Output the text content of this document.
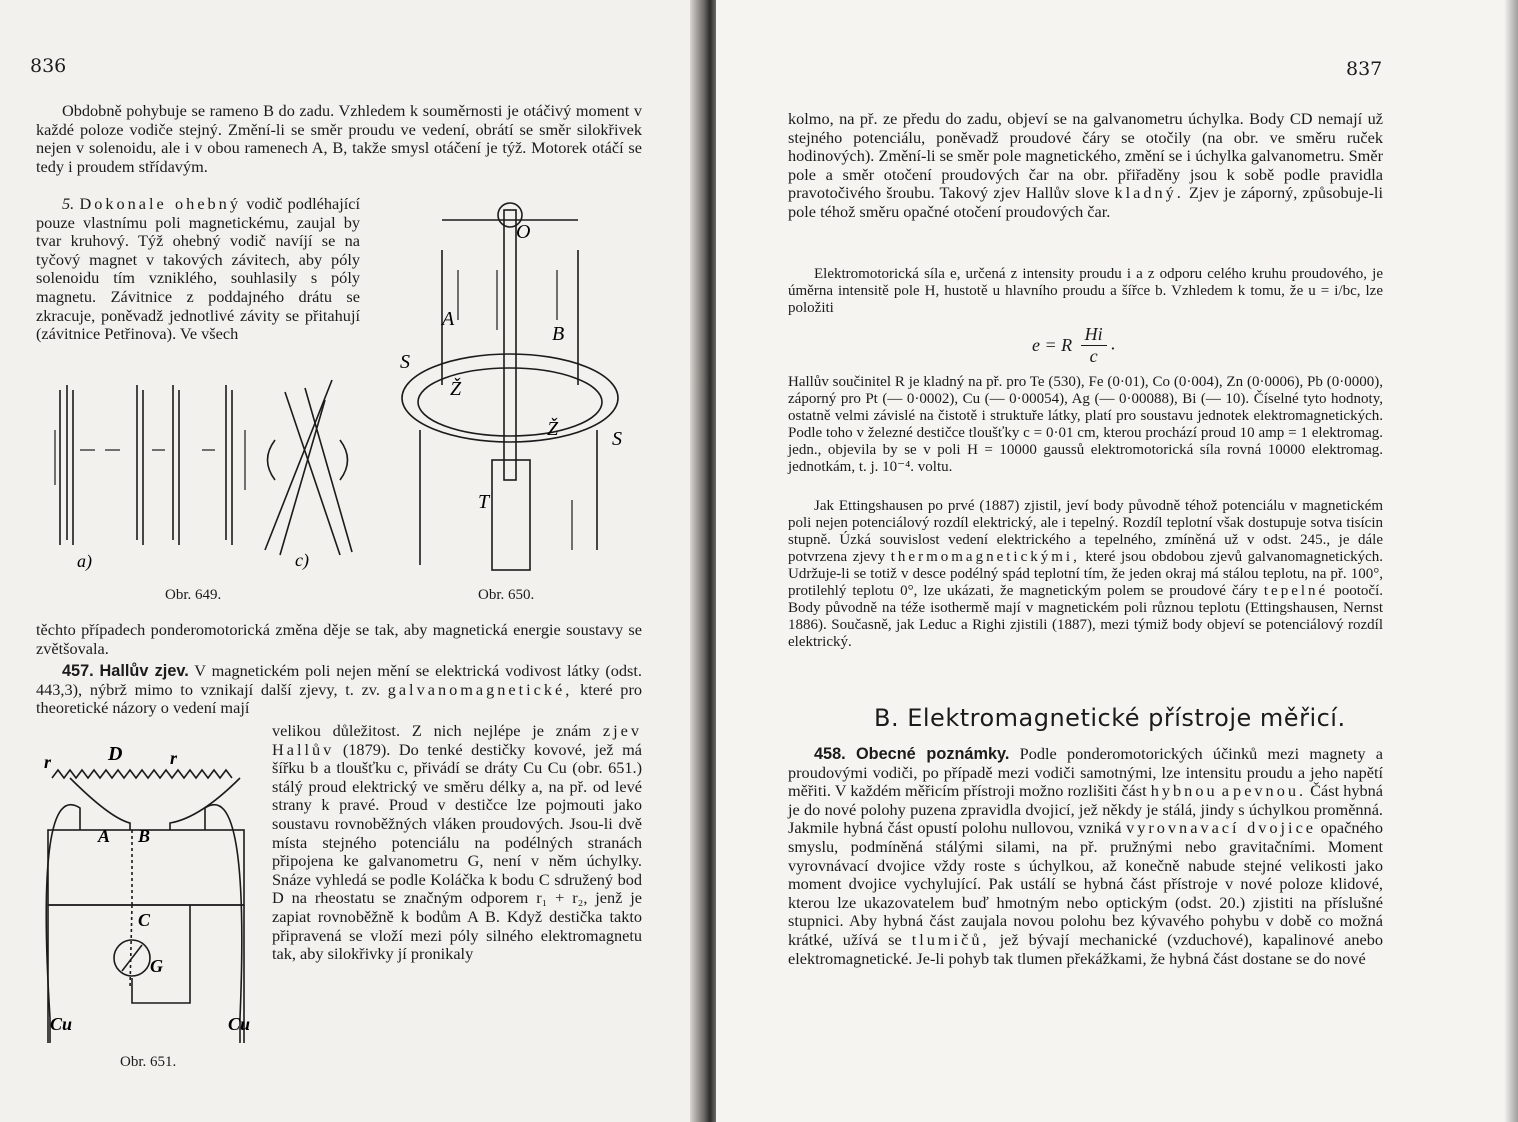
836

Obdobně pohybuje se rameno B do zadu. Vzhledem k souměrnosti je otáčivý moment v každé poloze vodiče stejný. Změní-li se směr proudu ve vedení, obrátí se směr silokřivek nejen v solenoidu, ale i v obou ramenech A, B, takže smysl otáčení je týž. Motorek otáčí se tedy i proudem střídavým.

5. Dokonale ohebný vodič podléhající pouze vlastnímu poli magnetickému, zaujal by tvar kruhový. Týž ohebný vodič navíjí se na tyčový magnet v takových závitech, aby póly solenoidu tím vzniklého, souhlasily s póly magnetu. Závitnice z poddajného drátu se zkracuje, poněvadž jednotlivé závity se přitahují (závitnice Petřinova). Ve všech

a)	c)
O
A
B
S
S
Ž
Ž
T
Obr. 649.	Obr. 650.

těchto případech ponderomotorická změna děje se tak, aby magnetická energie soustavy se zvětšovala.

457. Hallův zjev. V magnetickém poli nejen mění se elektrická vodivost látky (odst. 443,3), nýbrž mimo to vznikají další zjevy, t. zv. galvanomagnetické, které pro theoretické názory o vedení mají

r	D	r
A B
C
G
Cu	Cu
Obr. 651.

velikou důležitost. Z nich nejlépe je znám zjev Hallův (1879). Do tenké destičky kovové, jež má šířku b a tloušťku c, přivádí se dráty Cu Cu (obr. 651.) stálý proud elektrický ve směru délky a, na př. od levé strany k pravé. Proud v destičce lze pojmouti jako soustavu rovnoběžných vláken proudových. Jsou-li dvě místa stejného potenciálu na podélných stranách připojena ke galvanometru G, není v něm úchylky. Snáze vyhledá se podle Koláčka k bodu C sdružený bod D na rheostatu se značným odporem r₁ + r₂, jenž je zapiat rovnoběžně k bodům A B. Když destička takto připravená se vloží mezi póly silného elektromagnetu tak, aby silokřivky jí pronikaly

837

kolmo, na př. ze předu do zadu, objeví se na galvanometru úchylka. Body CD nemají už stejného potenciálu, poněvadž proudové čáry se otočily (na obr. ve směru ruček hodinových). Změní-li se směr pole magnetického, změní se i úchylka galvanometru. Směr pole a směr otočení proudových čar na obr. přiřaděny jsou k sobě podle pravidla pravotočivého šroubu. Takový zjev Hallův slove kladný. Zjev je záporný, způsobuje-li pole téhož směru opačné otočení proudových čar.

Elektromotorická síla e, určená z intensity proudu i a z odporu celého kruhu proudového, je úměrna intensitě pole H, hustotě u hlavního proudu a šířce b. Vzhledem k tomu, že u = i/bc, lze položiti

e = R $\frac{Hi}{c}$ .

Hallův součinitel R je kladný na př. pro Te (530), Fe (0·01), Co (0·004), Zn (0·0006), Pb (0·0000), záporný pro Pt (— 0·0002), Cu (— 0·00054), Ag (— 0·00088), Bi (— 10). Číselné tyto hodnoty, ostatně velmi závislé na čistotě i struktuře látky, platí pro soustavu jednotek elektromagnetických. Podle toho v železné destičce tloušťky c = 0·01 cm, kterou prochází proud 10 amp = 1 elektromag. jedn., objevila by se v poli H = 10000 gaussů elektromotorická síla rovná 10000 elektromag. jednotkám, t. j. 10⁻⁴. voltu.

Jak Ettingshausen po prvé (1887) zjistil, jeví body původně téhož potenciálu v magnetickém poli nejen potenciálový rozdíl elektrický, ale i tepelný. Rozdíl teplotní však dostupuje sotva tisícin stupně. Úzká souvislost vedení elektrického a tepelného, zmíněná už v odst. 245., je dále potvrzena zjevy thermomagnetickými, které jsou obdobou zjevů galvanomagnetických. Udržuje-li se totiž v desce podélný spád teplotní tím, že jeden okraj má stálou teplotu, na př. 100°, protilehlý teplotu 0°, lze ukázati, že magnetickým polem se proudové čáry tepelné pootočí. Body původně na téže isothermě mají v magnetickém poli různou teplotu (Ettingshausen, Nernst 1886). Současně, jak Leduc a Righi zjistili (1887), mezi týmiž body objeví se potenciálový rozdíl elektrický.

B. Elektromagnetické přístroje měřicí.

458. Obecné poznámky. Podle ponderomotorických účinků mezi magnety a proudovými vodiči, po případě mezi vodiči samotnými, lze intensitu proudu a jeho napětí měřiti. V každém měřicím přístroji možno rozlišiti část hybnou a pevnou. Část hybná je do nové polohy puzena zpravidla dvojicí, jež někdy je stálá, jindy s úchylkou proměnná. Jakmile hybná část opustí polohu nullovou, vzniká vyrovnavací dvojice opačného smyslu, podmíněná stálými silami, na př. pružnými nebo gravitačními. Moment vyrovnávací dvojice vždy roste s úchylkou, až konečně nabude stejné velikosti jako moment dvojice vychylující. Pak ustálí se hybná část přístroje v nové poloze klidové, kterou lze ukazovatelem buď hmotným nebo optickým (odst. 20.) zjistiti na příslušné stupnici. Aby hybná část zaujala novou polohu bez kývavého pohybu v době co možná krátké, užívá se tlumičů, jež bývají mechanické (vzduchové), kapalinové anebo elektromagnetické. Je-li pohyb tak tlumen překážkami, že hybná část dostane se do nové
